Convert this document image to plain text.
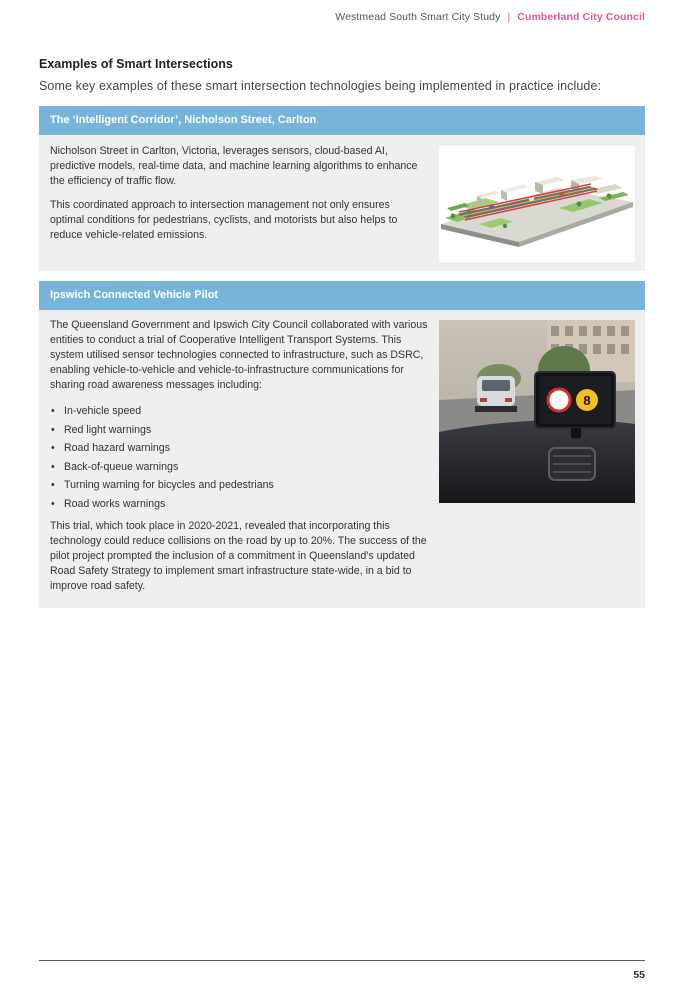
Westmead South Smart City Study | Cumberland City Council
Examples of Smart Intersections
Some key examples of these smart intersection technologies being implemented in practice include:
The ‘Intelligent Corridor’, Nicholson Street, Carlton

Nicholson Street in Carlton, Victoria, leverages sensors, cloud-based AI, predictive models, real-time data, and machine learning algorithms to enhance the efficiency of traffic flow.

This coordinated approach to intersection management not only ensures optimal conditions for pedestrians, cyclists, and motorists but also helps to reduce vehicle-related emissions.

Ipswich Connected Vehicle Pilot

The Queensland Government and Ipswich City Council collaborated with various entities to conduct a trial of Cooperative Intelligent Transport Systems. This system utilised sensor technologies connected to infrastructure, such as DSRC, enabling vehicle-to-vehicle and vehicle-to-infrastructure communications for sharing road awareness messages including:

• In-vehicle speed
• Red light warnings
• Road hazard warnings
• Back-of-queue warnings
• Turning warning for bicycles and pedestrians
• Road works warnings

This trial, which took place in 2020-2021, revealed that incorporating this technology could reduce collisions on the road by up to 20%. The success of the pilot project prompted the inclusion of a commitment in Queensland’s updated Road Safety Strategy to implement smart infrastructure state-wide, in a bid to improve road safety.

8
55
